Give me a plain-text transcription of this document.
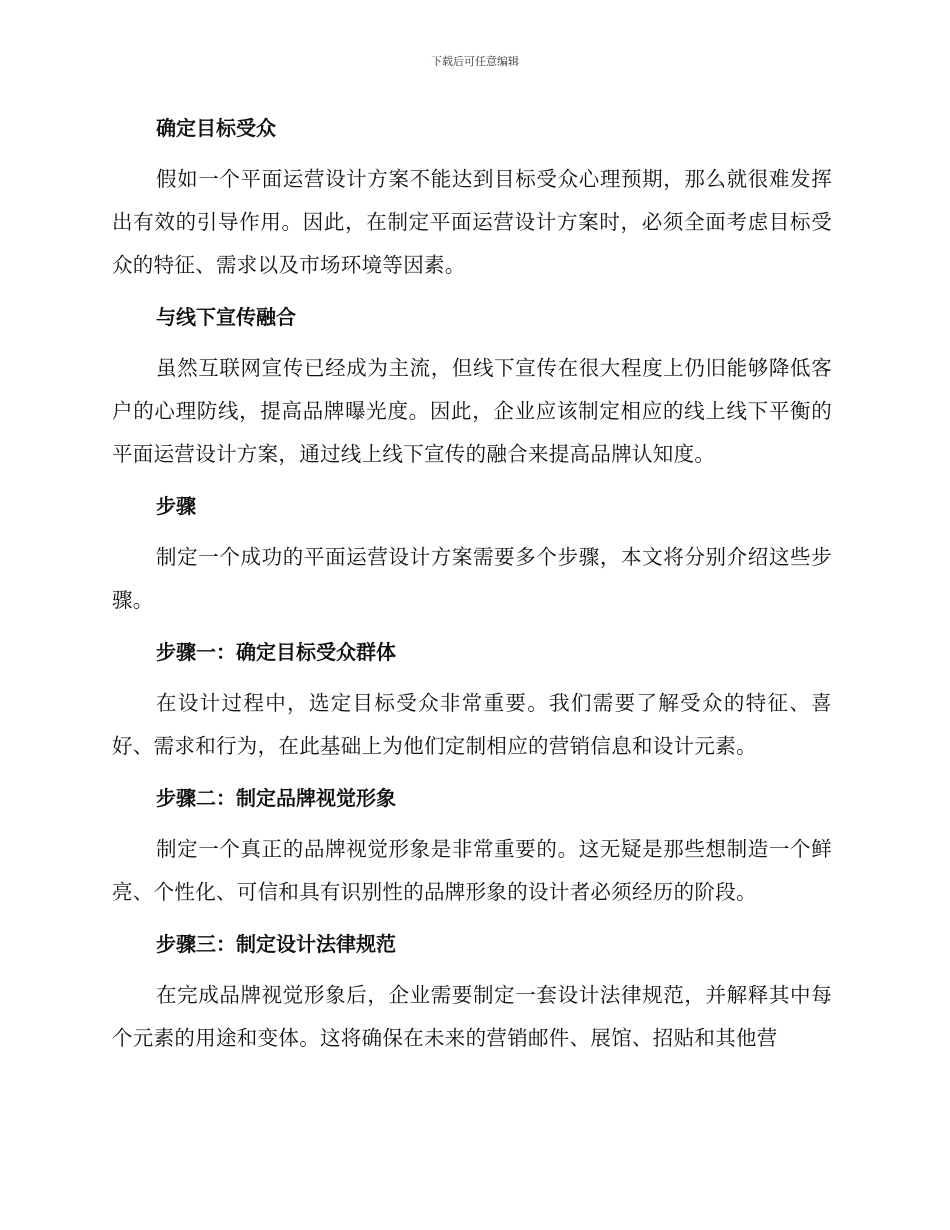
下载后可任意编辑
确定目标受众

假如一个平面运营设计方案不能达到目标受众心理预期，那么就很难发挥出有效的引导作用。因此，在制定平面运营设计方案时，必须全面考虑目标受众的特征、需求以及市场环境等因素。

与线下宣传融合

虽然互联网宣传已经成为主流，但线下宣传在很大程度上仍旧能够降低客户的心理防线，提高品牌曝光度。因此，企业应该制定相应的线上线下平衡的平面运营设计方案，通过线上线下宣传的融合来提高品牌认知度。

步骤

制定一个成功的平面运营设计方案需要多个步骤，本文将分别介绍这些步骤。

步骤一：确定目标受众群体

在设计过程中，选定目标受众非常重要。我们需要了解受众的特征、喜好、需求和行为，在此基础上为他们定制相应的营销信息和设计元素。

步骤二：制定品牌视觉形象

制定一个真正的品牌视觉形象是非常重要的。这无疑是那些想制造一个鲜亮、个性化、可信和具有识别性的品牌形象的设计者必须经历的阶段。

步骤三：制定设计法律规范

在完成品牌视觉形象后，企业需要制定一套设计法律规范，并解释其中每个元素的用途和变体。这将确保在未来的营销邮件、展馆、招贴和其他营
